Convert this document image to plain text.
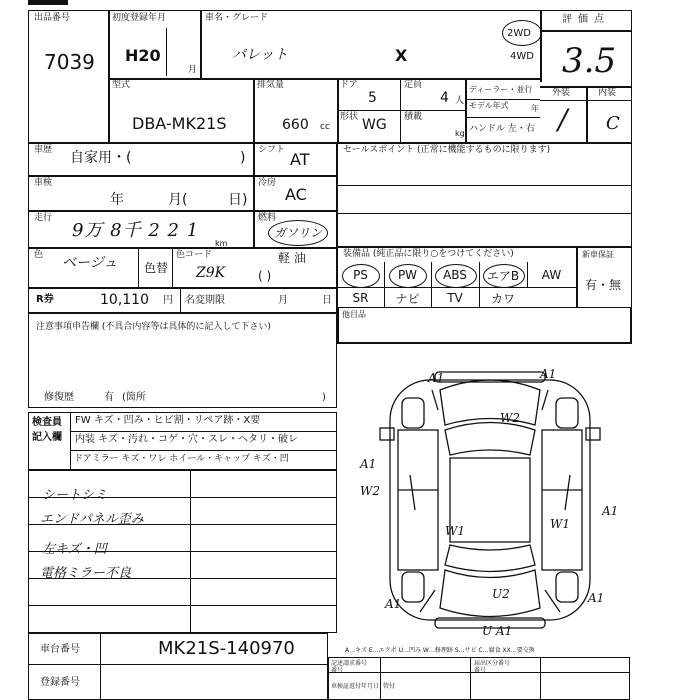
出品番号
7039
初度登録年月
H20
月
車名・グレード
パレット	X
2WD
4WD
評価点
3.5
外装	内装
/ C
型式
DBA-MK21S
排気量
660 cc
ドア
5
定員
4 人
形状 WG 積載
kg
ディーラー・並行
モデル年式	年
ハンドル 左・右
車歴 自家用・(	) シフト AT
車検
年	月(	日)
冷房
AC
走行
9万 8千 2 2 1
km
燃料
ガソリン
軽 油
( )
色 ベージュ 色替
色コード
Z9K
R券	10,110 円 名変期限	月	日
セールスポイント (正常に機能するものに限ります)
装備品 (純正品に限り○をつけてください)	新車保証
有・無
PS	PW	ABS	エアB	AW
SR	ナビ	TV	カワ
他目品
注意事項申告欄 (不具合内容等は具体的に記入して下さい)
修復歴	有 (箇所	)
検査員
記入欄
FW キズ・凹み・ヒビ割・リペア跡・X要
内装 キズ・汚れ・コゲ・穴・スレ・ヘタリ・破レ
ドアミラー キズ・ワレ ホイール・キャップ キズ・凹
シートシミ
エンドパネル歪み
左キズ・凹
電格ミラー不良
A1	A1
W2
W2
W1
A1
W1
U2
A1	A1
A1
U A1
車台番号	MK21S-140970
登録番号
A…キズ E…エクボ U…凹み W…修理跡 S…サビ C…腐食 XX…要交換
記述請求番号
番号
車検証返付年月日 管付
届出区分番号
番号
